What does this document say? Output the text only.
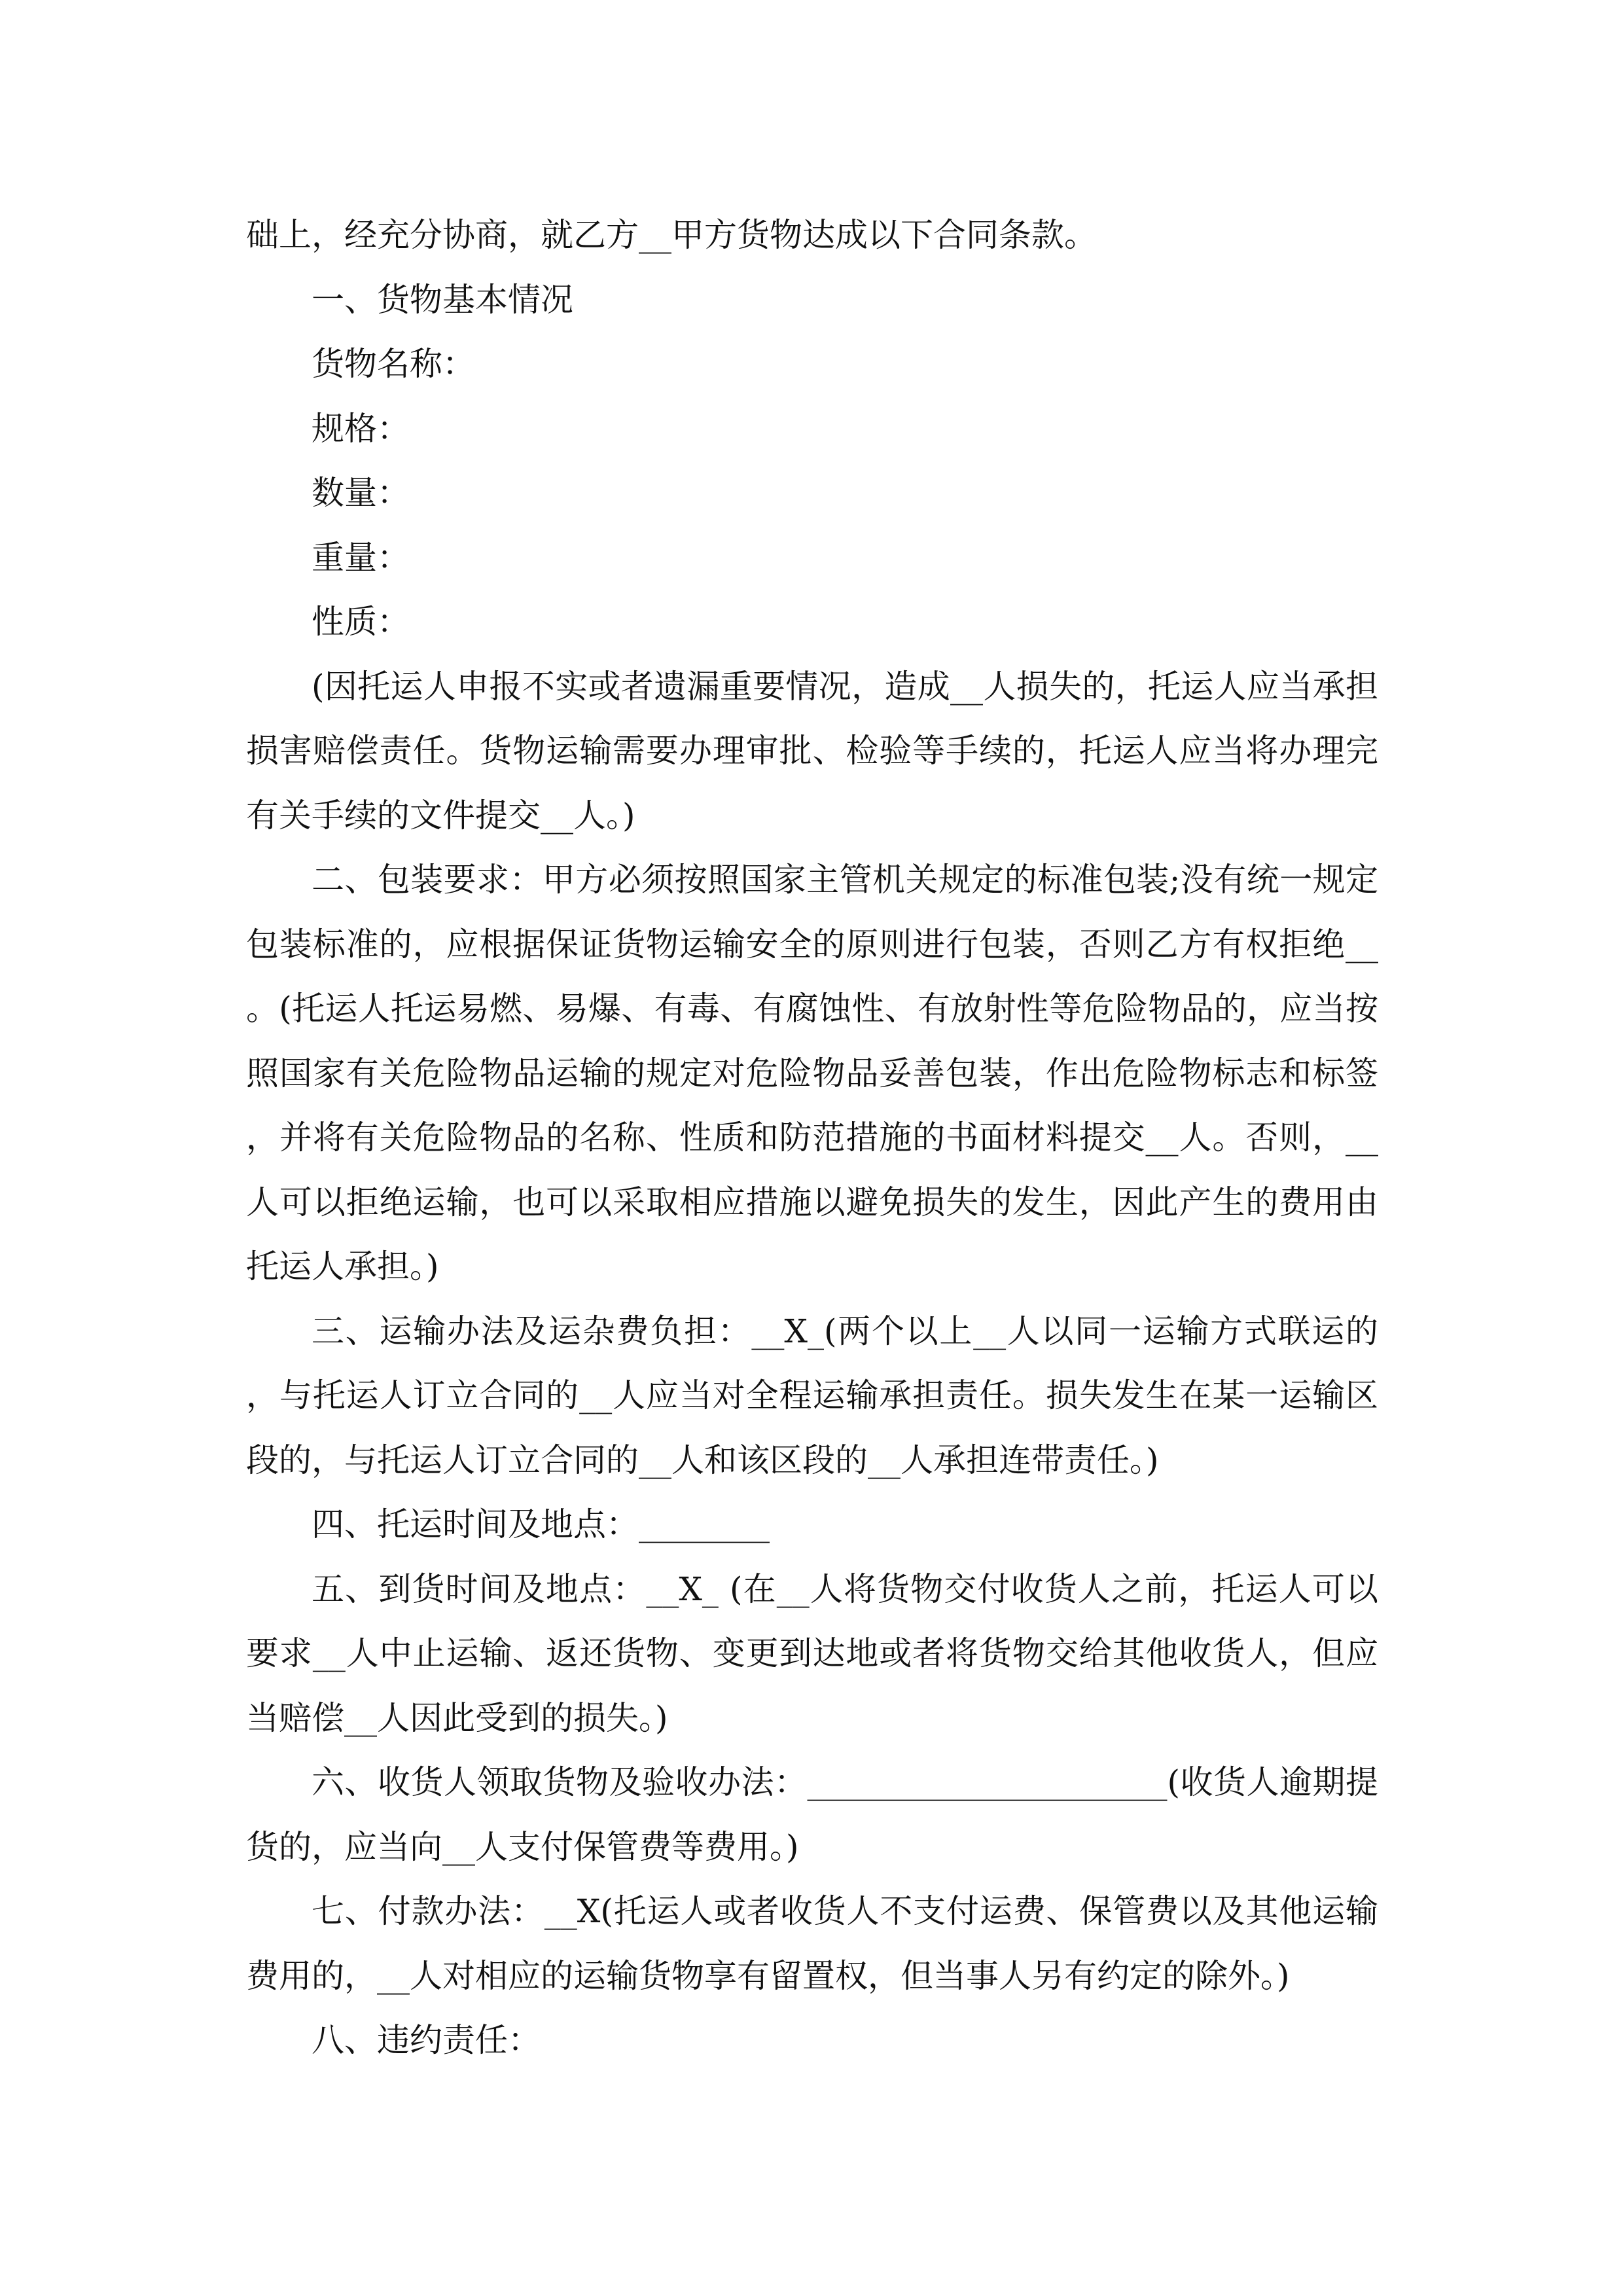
础上，经充分协商，就乙方__甲方货物达成以下合同条款。

一、货物基本情况

货物名称：

规格：

数量：

重量：

性质：

(因托运人申报不实或者遗漏重要情况，造成__人损失的，托运人应当承担损害赔偿责任。货物运输需要办理审批、检验等手续的，托运人应当将办理完有关手续的文件提交__人。)

二、包装要求：甲方必须按照国家主管机关规定的标准包装;没有统一规定包装标准的，应根据保证货物运输安全的原则进行包装，否则乙方有权拒绝__。(托运人托运易燃、易爆、有毒、有腐蚀性、有放射性等危险物品的，应当按照国家有关危险物品运输的规定对危险物品妥善包装，作出危险物标志和标签，并将有关危险物品的名称、性质和防范措施的书面材料提交__人。否则，__人可以拒绝运输，也可以采取相应措施以避免损失的发生，因此产生的费用由托运人承担。)

三、运输办法及运杂费负担：__X_(两个以上__人以同一运输方式联运的，与托运人订立合同的__人应当对全程运输承担责任。损失发生在某一运输区段的，与托运人订立合同的__人和该区段的__人承担连带责任。)

四、托运时间及地点：________

五、到货时间及地点：__X_ (在__人将货物交付收货人之前，托运人可以要求__人中止运输、返还货物、变更到达地或者将货物交给其他收货人，但应当赔偿__人因此受到的损失。)

六、收货人领取货物及验收办法：______________________(收货人逾期提货的，应当向__人支付保管费等费用。)

七、付款办法：__X(托运人或者收货人不支付运费、保管费以及其他运输费用的，__人对相应的运输货物享有留置权，但当事人另有约定的除外。)

八、违约责任：
